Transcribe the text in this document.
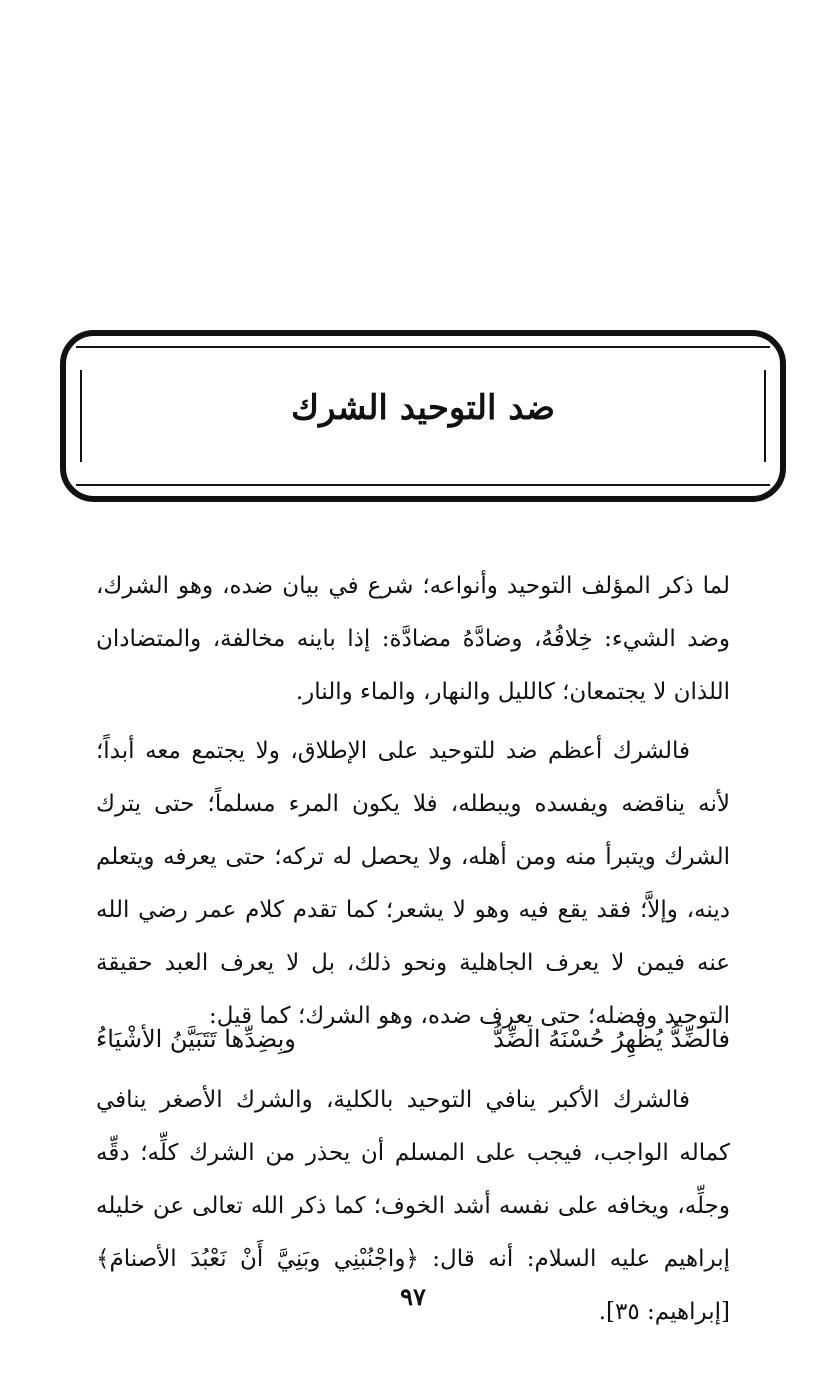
ضد التوحيد الشرك

لما ذكر المؤلف التوحيد وأنواعه؛ شرع في بيان ضده، وهو الشرك، وضد الشيء: خِلافُهُ، وضادَّهُ مضادَّة: إذا باينه مخالفة، والمتضادان اللذان لا يجتمعان؛ كالليل والنهار، والماء والنار.

فالشرك أعظم ضد للتوحيد على الإطلاق، ولا يجتمع معه أبداً؛ لأنه يناقضه ويفسده ويبطله، فلا يكون المرء مسلماً؛ حتى يترك الشرك ويتبرأ منه ومن أهله، ولا يحصل له تركه؛ حتى يعرفه ويتعلم دينه، وإلاَّ؛ فقد يقع فيه وهو لا يشعر؛ كما تقدم كلام عمر رضي الله عنه فيمن لا يعرف الجاهلية ونحو ذلك، بل لا يعرف العبد حقيقة التوحيد وفضله؛ حتى يعرف ضده، وهو الشرك؛ كما قيل:

فالضِّدُّ يُظْهِرُ حُسْنَهُ الضِّدُّ
وبِضِدِّها تَتَبَيَّنُ الأشْيَاءُ

فالشرك الأكبر ينافي التوحيد بالكلية، والشرك الأصغر ينافي كماله الواجب، فيجب على المسلم أن يحذر من الشرك كلِّه؛ دقِّه وجلِّه، ويخافه على نفسه أشد الخوف؛ كما ذكر الله تعالى عن خليله إبراهيم عليه السلام: أنه قال: ﴿واجْنُبْنِي وبَنِيَّ أَنْ نَعْبُدَ الأصنامَ﴾ [إبراهيم: ٣٥].

٩٧
